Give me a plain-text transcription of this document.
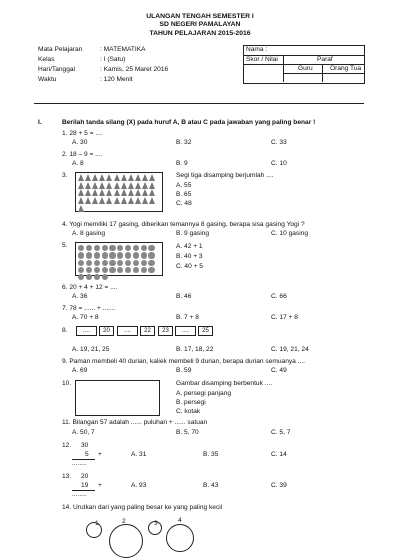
ULANGAN TENGAH SEMESTER I
SD NEGERI PAMALAYAN
TAHUN PELAJARAN 2015-2016
Mata Pelajaran	: MATEMATIKA
Kelas	: I (Satu)
Hari/Tanggal	: Kamis, 25 Maret 2016
Waktu	: 120 Menit
Nama :
Skor / Nilai	Paraf
Guru	Orang Tua
I.	Berilah tanda silang (X) pada huruf A, B atau C pada jawaban yang paling benar !
1. 28 + 5 = ....
A. 30	B. 32	C. 33
2. 18 – 9 = ....
A. 8	B. 9	C. 10
3.	Segi tiga disamping berjumlah ....
A. 55
B. 65
C. 48
4. Yogi memiliki 17 gasing, diberikan temannya 8 gasing, berapa sisa gasing Yogi ?
A. 8 gasing	B. 9 gasing	C. 10 gasing
5.	A. 42 + 1
B. 40 + 3
C. 40 + 5
6. 20 + 4 + 12 = ....
A. 36	B. 46	C. 66
7. 78 = ...... + .......
A. 70 + 8	B. 7 + 8	C. 17 + 8
8.	....	20	....	22	23	....	25
A. 19, 21, 25	B. 17, 18, 22	C. 19, 21, 24
9. Paman membeli 40 durian, kaliek membeli 9 durian, berapa durian semuanya ....
A. 69	B. 59	C. 49
10.	Gambar disamping berbentuk ....
A. persegi panjang
B. persegi
C. kotak
11. Bilangan 57 adalah ...... puluhan + ...... satuan
A. 50, 7	B. 5, 70	C. 5, 7
12. 30
5 +
........
A. 31	B. 35	C. 14
13. 20
19 +
........
A. 93	B. 43	C. 39
14. Urutkan dari yang paling besar ke yang paling kecil
1	2	3	4
